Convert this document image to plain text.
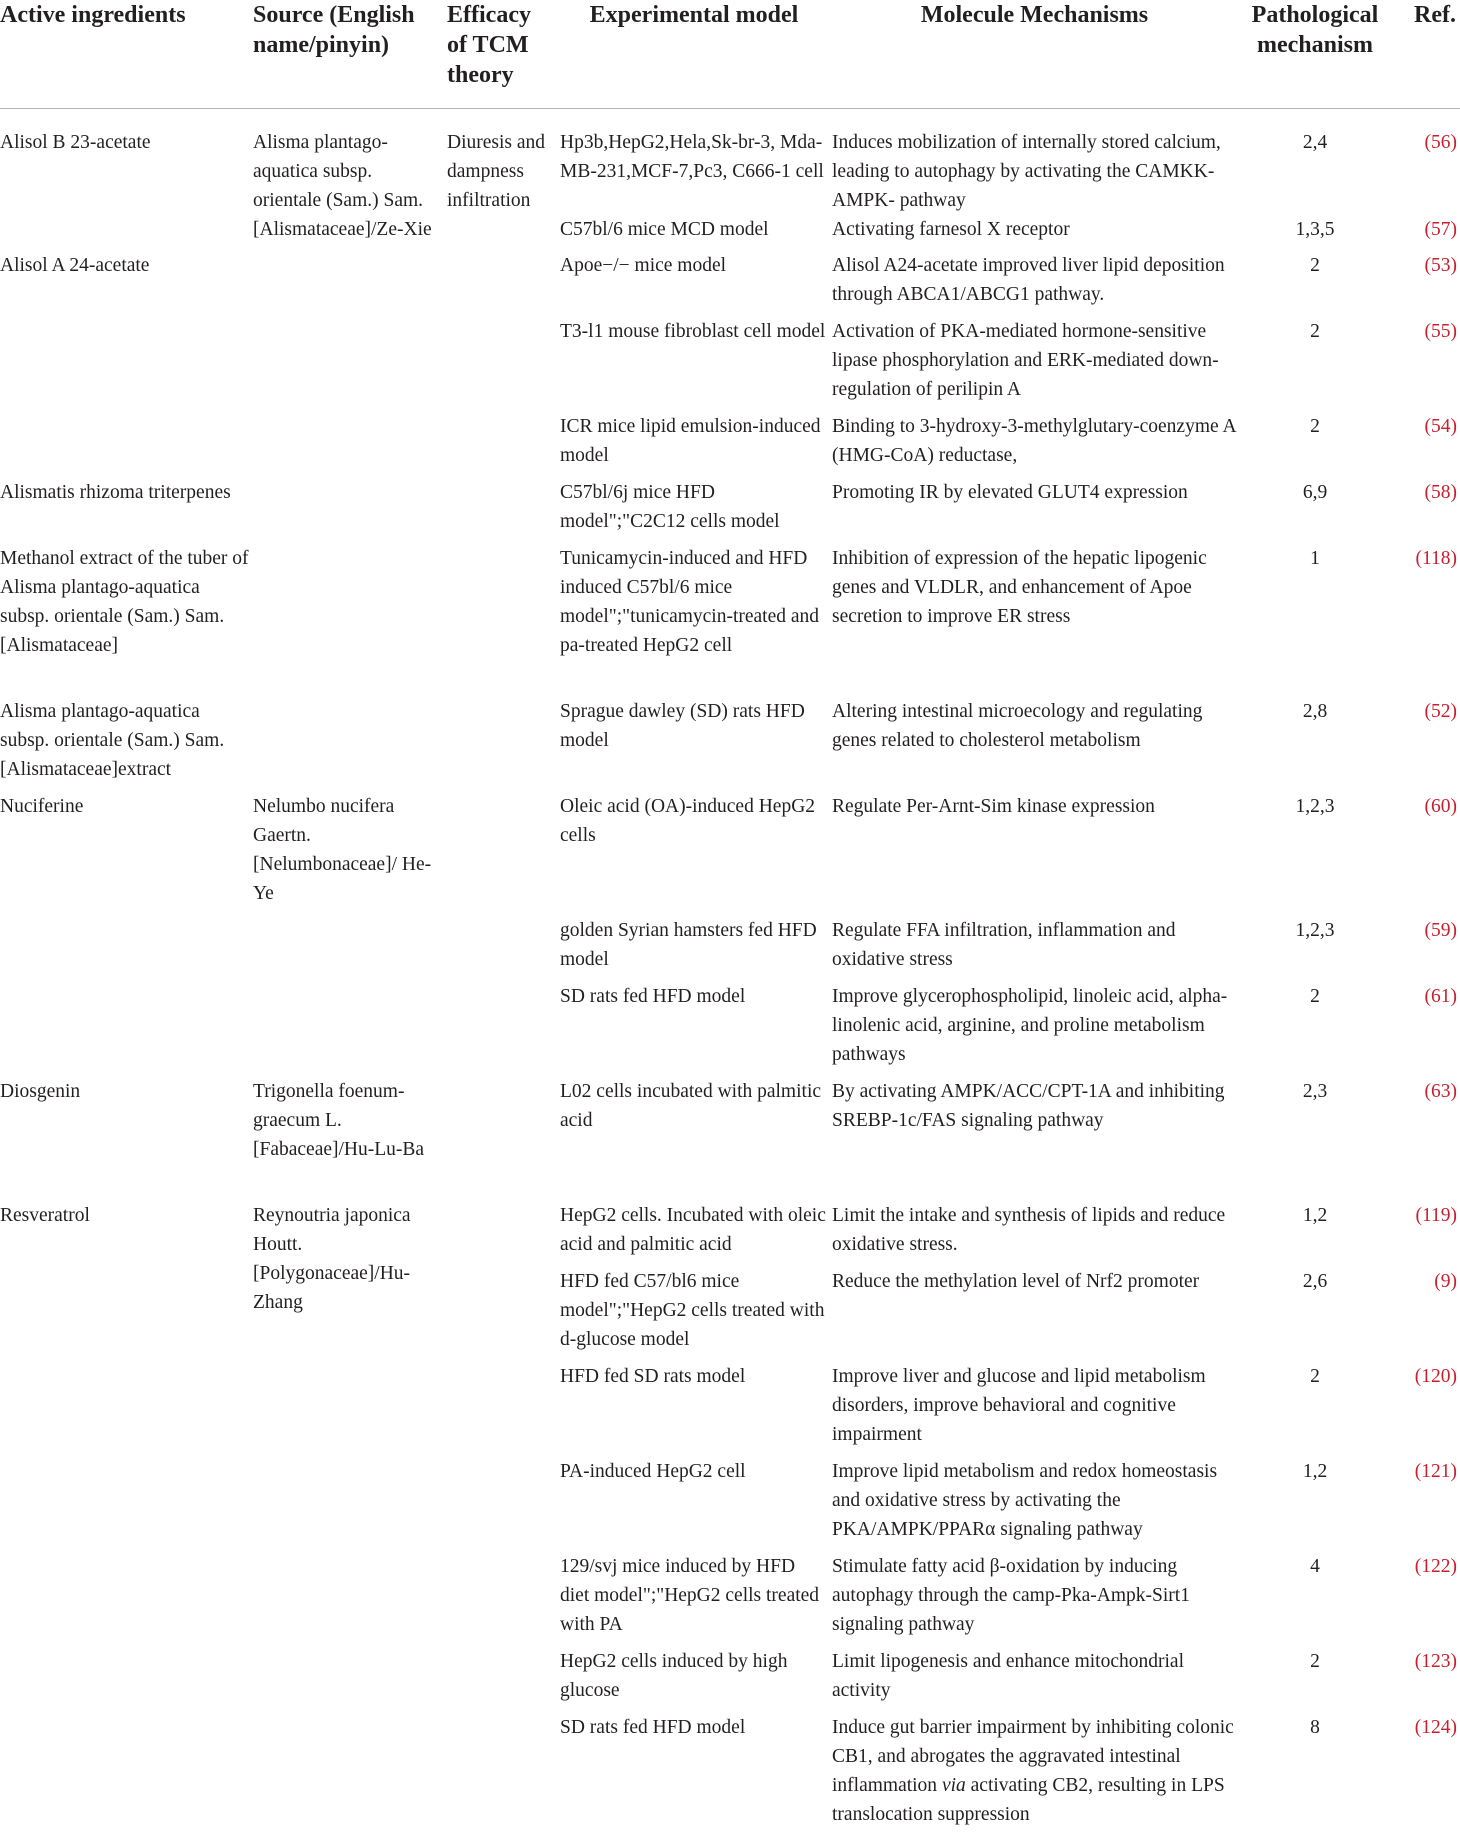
Active ingredients	Source (English name/pinyin)	Efficacy of TCM theory	Experimental model	Molecule Mechanisms	Pathological mechanism	Ref.
Alisol B 23-acetate	Alisma plantago-aquatica subsp. orientale (Sam.) Sam. [Alismataceae]/Ze-Xie	Diuresis and dampness infiltration	Hp3b,HepG2,Hela,Sk-br-3, Mda-MB-231,MCF-7,Pc3, C666-1 cell	Induces mobilization of internally stored calcium, leading to autophagy by activating the CAMKK-AMPK- pathway	2,4	(56)
			C57bl/6 mice MCD model	Activating farnesol X receptor	1,3,5	(57)
Alisol A 24-acetate			Apoe−/− mice model	Alisol A24-acetate improved liver lipid deposition through ABCA1/ABCG1 pathway.	2	(53)
			T3-l1 mouse fibroblast cell model	Activation of PKA-mediated hormone-sensitive lipase phosphorylation and ERK-mediated down-regulation of perilipin A	2	(55)
			ICR mice lipid emulsion-induced model	Binding to 3-hydroxy-3-methylglutary-coenzyme A (HMG-CoA) reductase,	2	(54)
Alismatis rhizoma triterpenes			C57bl/6j mice HFD model";"C2C12 cells model	Promoting IR by elevated GLUT4 expression	6,9	(58)
Methanol extract of the tuber of Alisma plantago-aquatica subsp. orientale (Sam.) Sam. [Alismataceae]			Tunicamycin-induced and HFD induced C57bl/6 mice model";"tunicamycin-treated and pa-treated HepG2 cell	Inhibition of expression of the hepatic lipogenic genes and VLDLR, and enhancement of Apoe secretion to improve ER stress	1	(118)
Alisma plantago-aquatica subsp. orientale (Sam.) Sam. [Alismataceae]extract			Sprague dawley (SD) rats HFD model	Altering intestinal microecology and regulating genes related to cholesterol metabolism	2,8	(52)
Nuciferine	Nelumbo nucifera Gaertn. [Nelumbonaceae]/ He-Ye		Oleic acid (OA)-induced HepG2 cells	Regulate Per-Arnt-Sim kinase expression	1,2,3	(60)
			golden Syrian hamsters fed HFD model	Regulate FFA infiltration, inflammation and oxidative stress	1,2,3	(59)
			SD rats fed HFD model	Improve glycerophospholipid, linoleic acid, alpha-linolenic acid, arginine, and proline metabolism pathways	2	(61)
Diosgenin	Trigonella foenum-graecum L. [Fabaceae]/Hu-Lu-Ba		L02 cells incubated with palmitic acid	By activating AMPK/ACC/CPT-1A and inhibiting SREBP-1c/FAS signaling pathway	2,3	(63)
Resveratrol	Reynoutria japonica Houtt. [Polygonaceae]/Hu-Zhang		HepG2 cells. Incubated with oleic acid and palmitic acid	Limit the intake and synthesis of lipids and reduce oxidative stress.	1,2	(119)
			HFD fed C57/bl6 mice model";"HepG2 cells treated with d-glucose model	Reduce the methylation level of Nrf2 promoter	2,6	(9)
			HFD fed SD rats model	Improve liver and glucose and lipid metabolism disorders, improve behavioral and cognitive impairment	2	(120)
			PA-induced HepG2 cell	Improve lipid metabolism and redox homeostasis and oxidative stress by activating the PKA/AMPK/PPARα signaling pathway	1,2	(121)
			129/svj mice induced by HFD diet model";"HepG2 cells treated with PA	Stimulate fatty acid β-oxidation by inducing autophagy through the camp-Pka-Ampk-Sirt1 signaling pathway	4	(122)
			HepG2 cells induced by high glucose	Limit lipogenesis and enhance mitochondrial activity	2	(123)
			SD rats fed HFD model	Induce gut barrier impairment by inhibiting colonic CB1, and abrogates the aggravated intestinal inflammation via activating CB2, resulting in LPS translocation suppression	8	(124)
